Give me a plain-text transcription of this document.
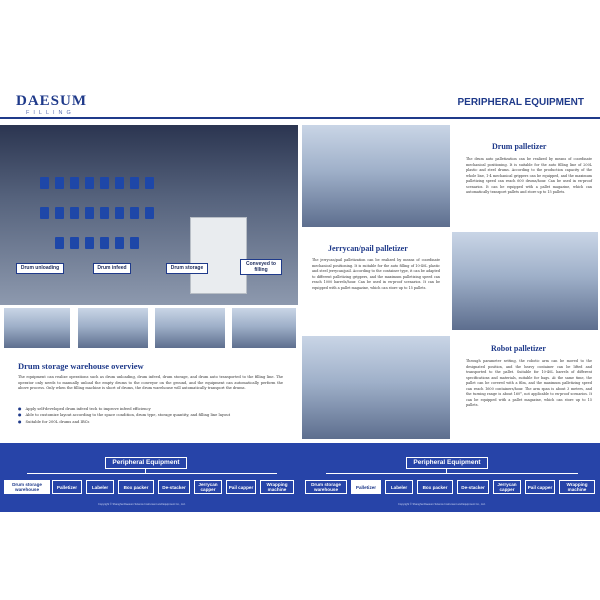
DAESUM
FILLING
PERIPHERAL EQUIPMENT
Drum unloading	Drum infeed	Drum storage
Conveyed to filling
Drum storage warehouse overview
The equipment can realize operations such as drum unloading, drum infeed, drum storage, and drum auto transported to the filling line. The operator only needs to manually unload the empty drums to the conveyor on the ground, and the equipment can automatically perform the above process. Only when the filling machine is short of drums, the drum warehouse will automatically transport the drums.
● Apply self-developed drum infeed tech to improve infeed efficiency
● Able to customize layout according to the space condition, drum type, storage quantity, and filling line layout
● Suitable for 200L drums and IBCs
Drum palletizer
The drum auto palletization can be realized by means of coordinate mechanical positioning. It is suitable for the auto filling line of 200L plastic and steel drums. According to the production capacity of the whole line, 1-4 mechanical grippers can be equipped, and the maximum palletizing speed can reach 600 drums/hour. Can be used in ex-proof scenarios. It can be equipped with a pallet magazine, which can automatically transport pallets and store up to 15 pallets.
Jerrycan/pail palletizer
The jerrycan/pail palletization can be realized by means of coordinate mechanical positioning. It is suitable for the auto filling of 10-40L plastic and steel jerrycan/pail. According to the container type, it can be adapted to different palletizing grippers, and the maximum palletizing speed can reach 1000 barrels/hour. Can be used in ex-proof scenarios. It can be equipped with a pallet magazine, which can store up to 15 pallets.
Robot palletizer
Through parameter setting, the robotic arm can be moved to the designated position, and the heavy container can be lifted and transported to the pallet. Suitable for 10-40L barrels of different specifications and materials, suitable for bags. At the same time, the pallet can be covered with a film, and the maximum palletizing speed can reach 1600 containers/hour. The arm span is about 3 meters, and the turning range is about 160°, not applicable to ex-proof scenarios. It can be equipped with a pallet magazine, which can store up to 15 pallets.
Peripheral Equipment
Drum storage warehouse	Palletizer	Labeler	Box packer	De-stacker	Jerrycan capper	Pail capper	Wrapping machine
Peripheral Equipment
Drum storage warehouse	Palletizer	Labeler	Box packer	De-stacker	Jerrycan capper	Pail capper	Wrapping machine
Copyright © Shanghai Daesum Science Instrument and Equipment Co., Ltd.	Copyright © Shanghai Daesum Science Instrument and Equipment Co., Ltd.
